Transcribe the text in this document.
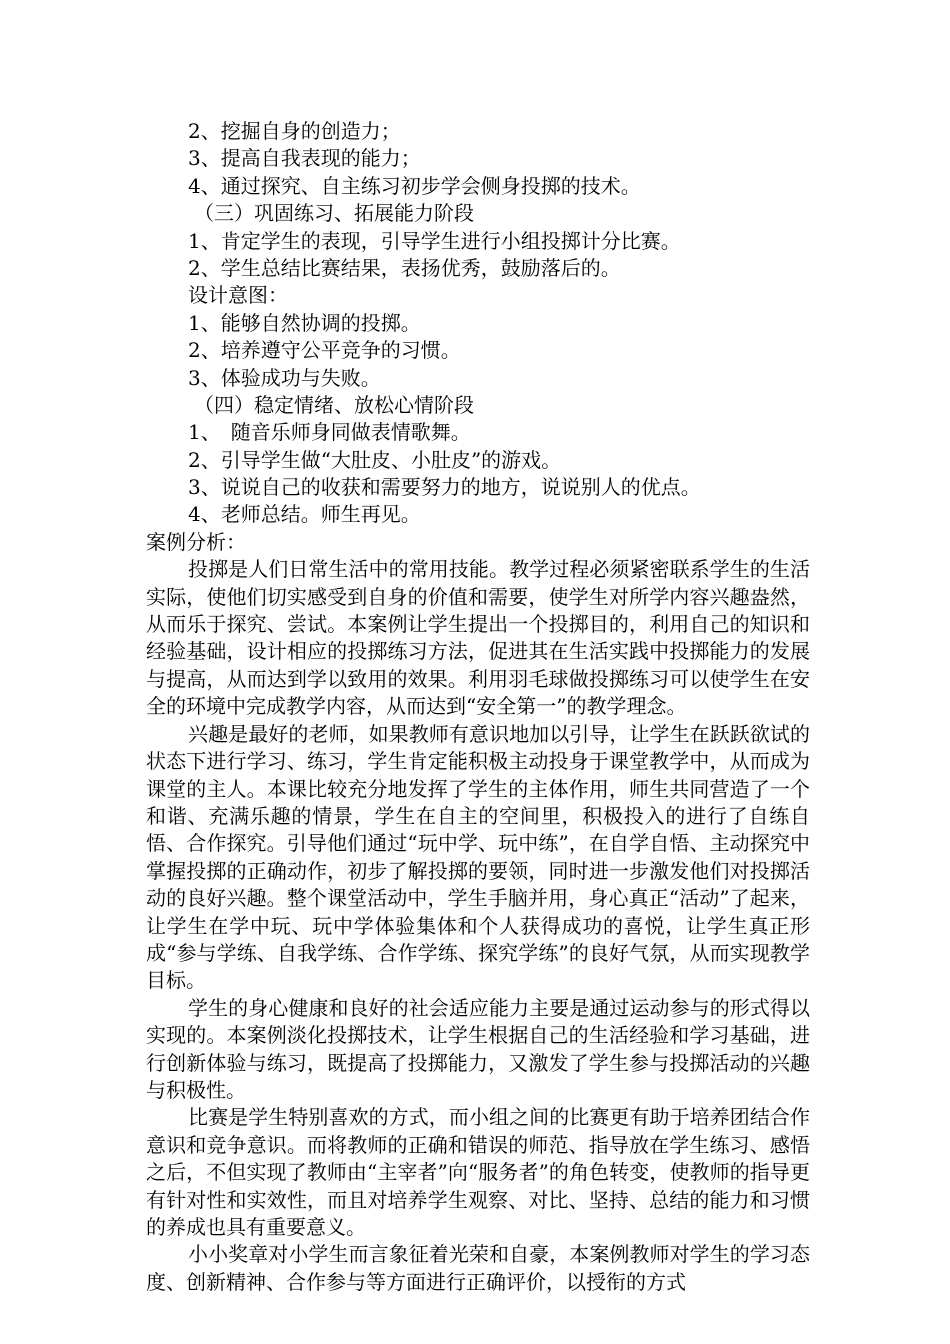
2、挖掘自身的创造力；
3、提高自我表现的能力；
4、通过探究、自主练习初步学会侧身投掷的技术。
（三）巩固练习、拓展能力阶段
1、肯定学生的表现，引导学生进行小组投掷计分比赛。
2、学生总结比赛结果，表扬优秀，鼓励落后的。
设计意图：
1、能够自然协调的投掷。
2、培养遵守公平竞争的习惯。
3、体验成功与失败。
（四）稳定情绪、放松心情阶段
1、　随音乐师身同做表情歌舞。
2、引导学生做“大肚皮、小肚皮”的游戏。
3、说说自己的收获和需要努力的地方，说说别人的优点。
4、老师总结。师生再见。
案例分析：

投掷是人们日常生活中的常用技能。教学过程必须紧密联系学生的生活实际，使他们切实感受到自身的价值和需要，使学生对所学内容兴趣盎然，从而乐于探究、尝试。本案例让学生提出一个投掷目的，利用自己的知识和经验基础，设计相应的投掷练习方法，促进其在生活实践中投掷能力的发展与提高，从而达到学以致用的效果。利用羽毛球做投掷练习可以使学生在安全的环境中完成教学内容，从而达到“安全第一”的教学理念。

兴趣是最好的老师，如果教师有意识地加以引导，让学生在跃跃欲试的状态下进行学习、练习，学生肯定能积极主动投身于课堂教学中，从而成为课堂的主人。本课比较充分地发挥了学生的主体作用，师生共同营造了一个和谐、充满乐趣的情景，学生在自主的空间里，积极投入的进行了自练自悟、合作探究。引导他们通过“玩中学、玩中练”，在自学自悟、主动探究中掌握投掷的正确动作，初步了解投掷的要领，同时进一步激发他们对投掷活动的良好兴趣。整个课堂活动中，学生手脑并用，身心真正“活动”了起来，让学生在学中玩、玩中学体验集体和个人获得成功的喜悦，让学生真正形成“参与学练、自我学练、合作学练、探究学练”的良好气氛，从而实现教学目标。

学生的身心健康和良好的社会适应能力主要是通过运动参与的形式得以实现的。本案例淡化投掷技术，让学生根据自己的生活经验和学习基础，进行创新体验与练习，既提高了投掷能力，又激发了学生参与投掷活动的兴趣与积极性。

比赛是学生特别喜欢的方式，而小组之间的比赛更有助于培养团结合作意识和竞争意识。而将教师的正确和错误的师范、指导放在学生练习、感悟之后，不但实现了教师由“主宰者”向“服务者”的角色转变，使教师的指导更有针对性和实效性，而且对培养学生观察、对比、坚持、总结的能力和习惯的养成也具有重要意义。

小小奖章对小学生而言象征着光荣和自豪，本案例教师对学生的学习态度、创新精神、合作参与等方面进行正确评价，以授衔的方式
